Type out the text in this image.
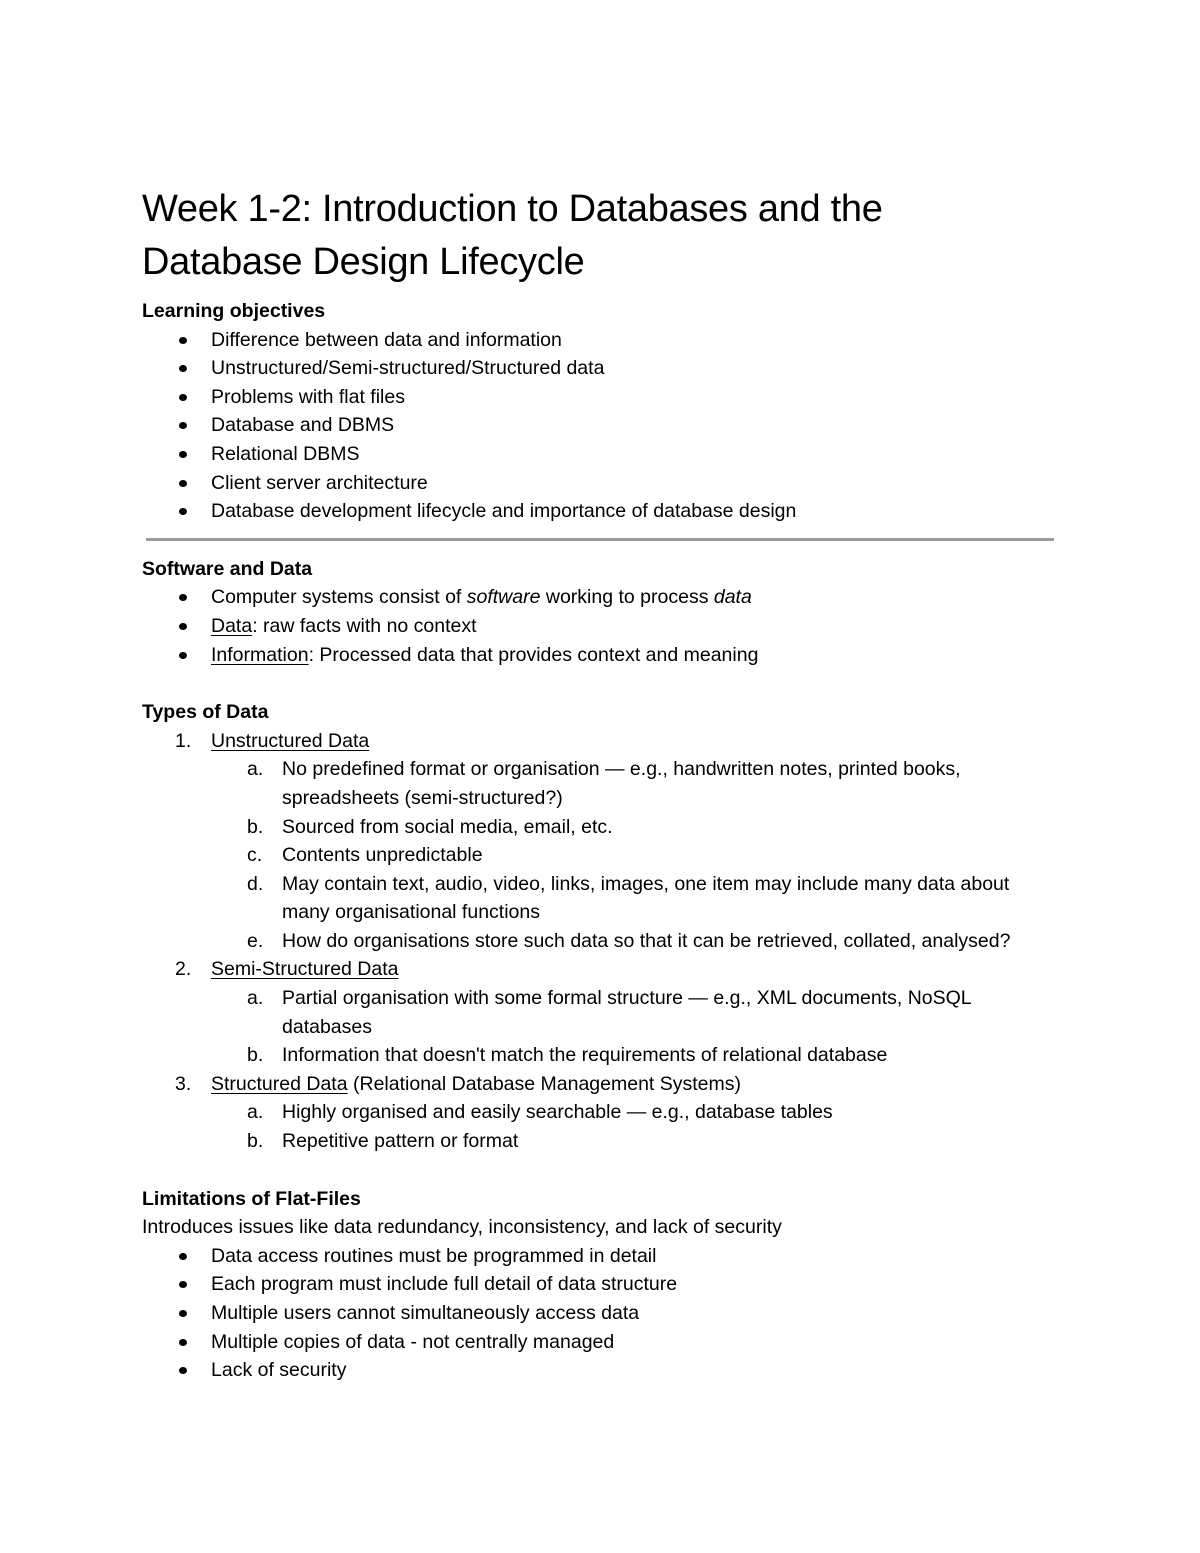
Week 1-2: Introduction to Databases and the
Database Design Lifecycle

Learning objectives

Difference between data and information
Unstructured/Semi-structured/Structured data
Problems with flat files
Database and DBMS
Relational DBMS
Client server architecture
Database development lifecycle and importance of database design

Software and Data

Computer systems consist of software working to process data
Data: raw facts with no context
Information: Processed data that provides context and meaning

Types of Data

1. Unstructured Data
a. No predefined format or organisation — e.g., handwritten notes, printed books, spreadsheets (semi-structured?)
b. Sourced from social media, email, etc.
c. Contents unpredictable
d. May contain text, audio, video, links, images, one item may include many data about many organisational functions
e. How do organisations store such data so that it can be retrieved, collated, analysed?
2. Semi-Structured Data
a. Partial organisation with some formal structure — e.g., XML documents, NoSQL databases
b. Information that doesn't match the requirements of relational database
3. Structured Data (Relational Database Management Systems)
a. Highly organised and easily searchable — e.g., database tables
b. Repetitive pattern or format

Limitations of Flat-Files

Introduces issues like data redundancy, inconsistency, and lack of security
Data access routines must be programmed in detail
Each program must include full detail of data structure
Multiple users cannot simultaneously access data
Multiple copies of data - not centrally managed
Lack of security
